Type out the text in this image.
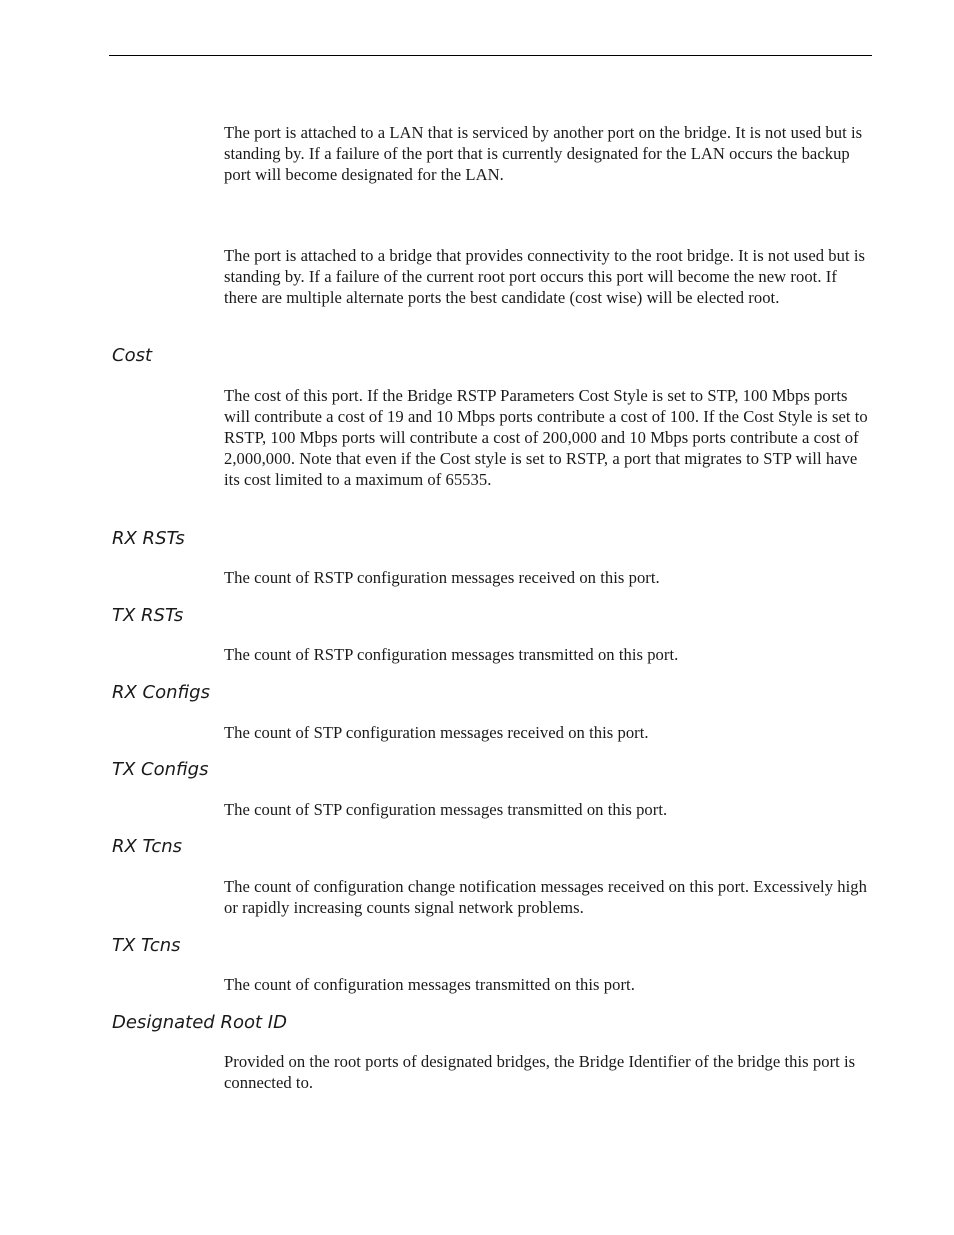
The port is attached to a LAN that is serviced by another port on the bridge. It is not used but is standing by. If a failure of the port that is currently designated for the LAN occurs the backup port will become designated for the LAN.

The port is attached to a bridge that provides connectivity to the root bridge. It is not used but is standing by. If a failure of the current root port occurs this port will become the new root. If there are multiple alternate ports the best candidate (cost wise) will be elected root.

Cost

The cost of this port. If the Bridge RSTP Parameters Cost Style is set to STP, 100 Mbps ports will contribute a cost of 19 and 10 Mbps ports contribute a cost of 100. If the Cost Style is set to RSTP, 100 Mbps ports will contribute a cost of 200,000 and 10 Mbps ports contribute a cost of 2,000,000. Note that even if the Cost style is set to RSTP, a port that migrates to STP will have its cost limited to a maximum of 65535.

RX RSTs

The count of RSTP configuration messages received on this port.

TX RSTs

The count of RSTP configuration messages transmitted on this port.

RX Configs

The count of STP configuration messages received on this port.

TX Configs

The count of STP configuration messages transmitted on this port.

RX Tcns

The count of configuration change notification messages received on this port. Excessively high or rapidly increasing counts signal network problems.

TX Tcns

The count of configuration messages transmitted on this port.

Designated Root ID

Provided on the root ports of designated bridges, the Bridge Identifier of the bridge this port is connected to.
